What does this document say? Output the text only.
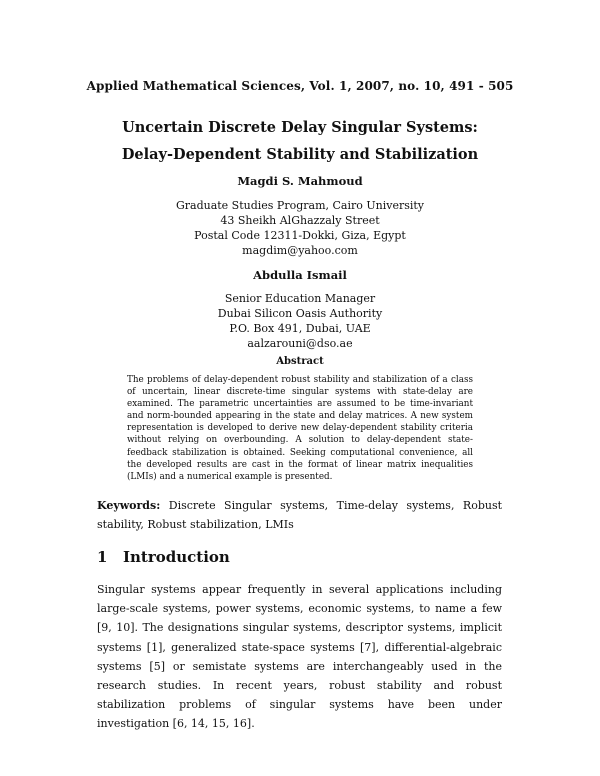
Applied Mathematical Sciences, Vol. 1, 2007, no. 10, 491 - 505
Uncertain Discrete Delay Singular Systems:
Delay-Dependent Stability and Stabilization
Magdi S. Mahmoud
Graduate Studies Program, Cairo University
43 Sheikh AlGhazzaly Street
Postal Code 12311-Dokki, Giza, Egypt
magdim@yahoo.com
Abdulla Ismail
Senior Education Manager
Dubai Silicon Oasis Authority
P.O. Box 491, Dubai, UAE
aalzarouni@dso.ae
Abstract
The problems of delay-dependent robust stability and stabilization of a class of uncertain, linear discrete-time singular systems with state-delay are examined. The parametric uncertainties are assumed to be time-invariant and norm-bounded appearing in the state and delay matrices. A new system representation is developed to derive new delay-dependent stability criteria without relying on overbounding. A solution to delay-dependent state-feedback stabilization is obtained. Seeking computational convenience, all the developed results are cast in the format of linear matrix inequalities (LMIs) and a numerical example is presented.
Keywords: Discrete Singular systems, Time-delay systems, Robust stability, Robust stabilization, LMIs
1 Introduction
Singular systems appear frequently in several applications including large-scale systems, power systems, economic systems, to name a few [9, 10]. The designations singular systems, descriptor systems, implicit systems [1], generalized state-space systems [7], differential-algebraic systems [5] or semistate systems are interchangeably used in the research studies. In recent years, robust stability and robust stabilization problems of singular systems have been under investigation [6, 14, 15, 16].
